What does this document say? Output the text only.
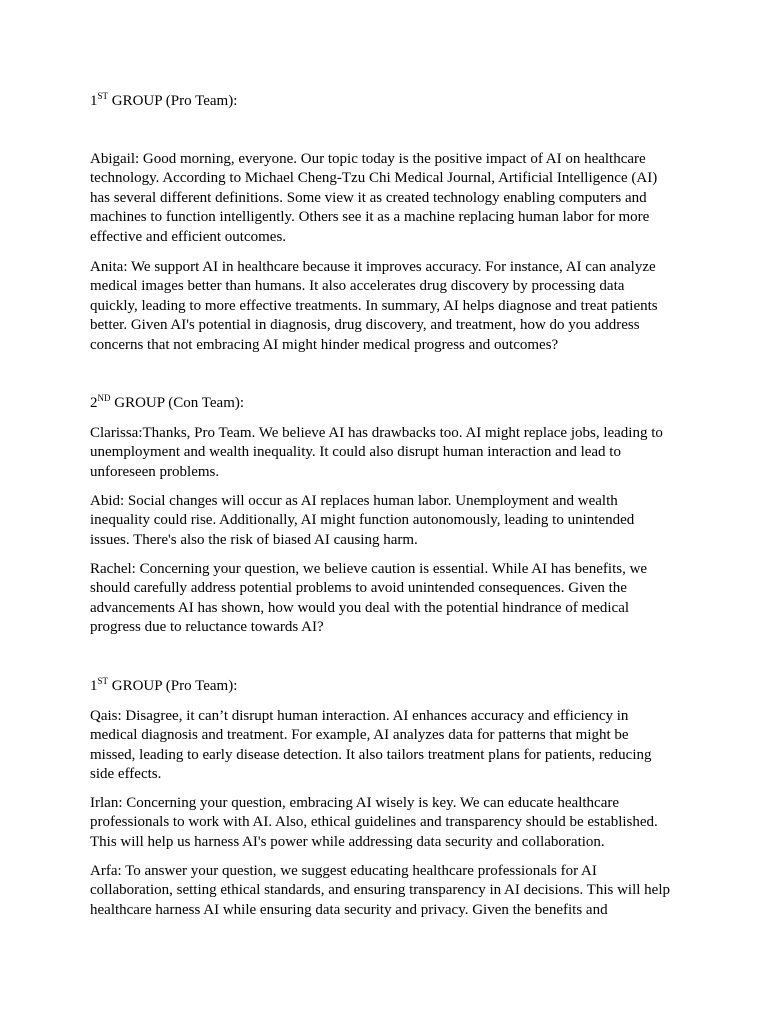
1ST GROUP (Pro Team):

Abigail: Good morning, everyone. Our topic today is the positive impact of AI on healthcare
technology. According to Michael Cheng-Tzu Chi Medical Journal, Artificial Intelligence (AI)
has several different definitions. Some view it as created technology enabling computers and
machines to function intelligently. Others see it as a machine replacing human labor for more
effective and efficient outcomes.

Anita: We support AI in healthcare because it improves accuracy. For instance, AI can analyze
medical images better than humans. It also accelerates drug discovery by processing data
quickly, leading to more effective treatments. In summary, AI helps diagnose and treat patients
better. Given AI's potential in diagnosis, drug discovery, and treatment, how do you address
concerns that not embracing AI might hinder medical progress and outcomes?

2ND GROUP (Con Team):

Clarissa:Thanks, Pro Team. We believe AI has drawbacks too. AI might replace jobs, leading to
unemployment and wealth inequality. It could also disrupt human interaction and lead to
unforeseen problems.

Abid: Social changes will occur as AI replaces human labor. Unemployment and wealth
inequality could rise. Additionally, AI might function autonomously, leading to unintended
issues. There's also the risk of biased AI causing harm.

Rachel: Concerning your question, we believe caution is essential. While AI has benefits, we
should carefully address potential problems to avoid unintended consequences. Given the
advancements AI has shown, how would you deal with the potential hindrance of medical
progress due to reluctance towards AI?

1ST GROUP (Pro Team):

Qais: Disagree, it can’t disrupt human interaction. AI enhances accuracy and efficiency in
medical diagnosis and treatment. For example, AI analyzes data for patterns that might be
missed, leading to early disease detection. It also tailors treatment plans for patients, reducing
side effects.

Irlan: Concerning your question, embracing AI wisely is key. We can educate healthcare
professionals to work with AI. Also, ethical guidelines and transparency should be established.
This will help us harness AI's power while addressing data security and collaboration.

Arfa: To answer your question, we suggest educating healthcare professionals for AI
collaboration, setting ethical standards, and ensuring transparency in AI decisions. This will help
healthcare harness AI while ensuring data security and privacy. Given the benefits and
